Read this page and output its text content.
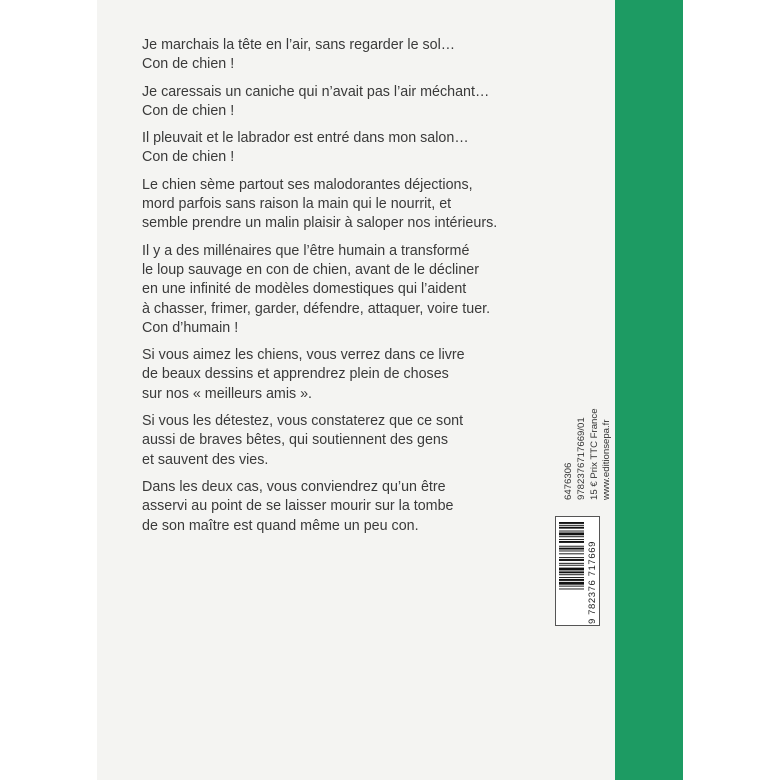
Je marchais la tête en l’air, sans regarder le sol…
Con de chien !

Je caressais un caniche qui n’avait pas l’air méchant…
Con de chien !

Il pleuvait et le labrador est entré dans mon salon…
Con de chien !

Le chien sème partout ses malodorantes déjections,
mord parfois sans raison la main qui le nourrit, et
semble prendre un malin plaisir à saloper nos intérieurs.

Il y a des millénaires que l’être humain a transformé
le loup sauvage en con de chien, avant de le décliner
en une infinité de modèles domestiques qui l’aident
à chasser, frimer, garder, défendre, attaquer, voire tuer.
Con d’humain !

Si vous aimez les chiens, vous verrez dans ce livre
de beaux dessins et apprendrez plein de choses
sur nos « meilleurs amis ».

Si vous les détestez, vous constaterez que ce sont
aussi de braves bêtes, qui soutiennent des gens
et sauvent des vies.

Dans les deux cas, vous conviendrez qu’un être
asservi au point de se laisser mourir sur la tombe
de son maître est quand même un peu con.

6476306 978237671766​9/01 15 € Prix TTC France www.editionsepa.fr
9 782376 717669
